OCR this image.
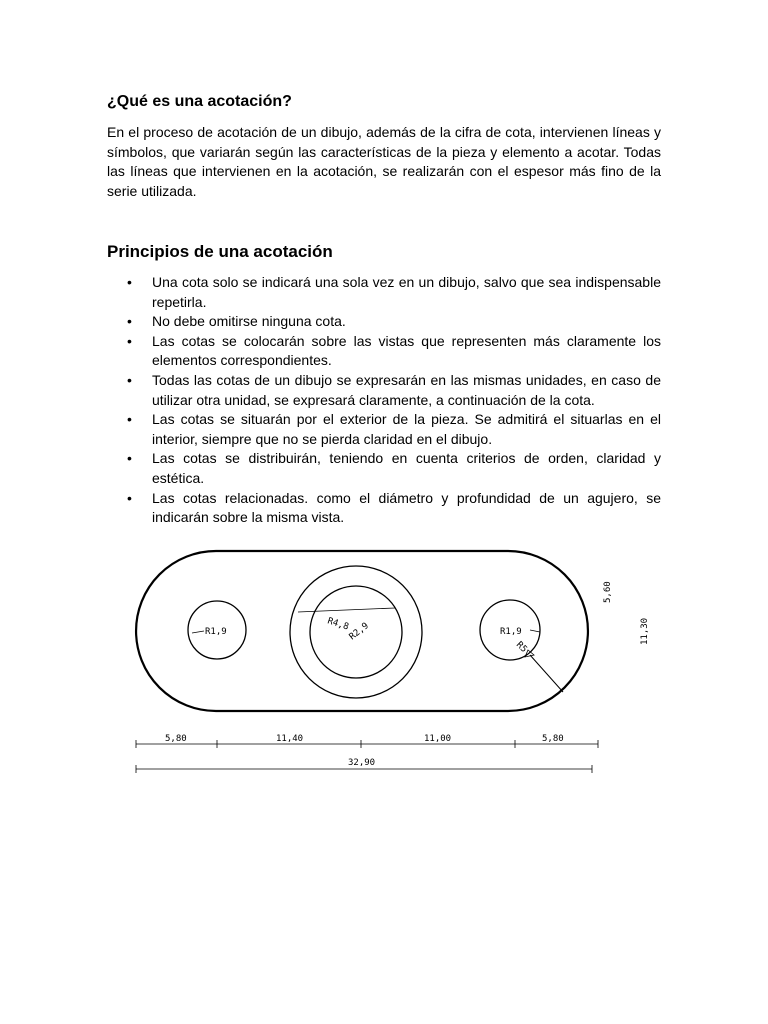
¿Qué es una acotación?

En el proceso de acotación de un dibujo, además de la cifra de cota, intervienen líneas y símbolos, que variarán según las características de la pieza y elemento a acotar. Todas las líneas que intervienen en la acotación, se realizarán con el espesor más fino de la serie utilizada.

Principios de una acotación
• Una cota solo se indicará una sola vez en un dibujo, salvo que sea indispensable repetirla.
• No debe omitirse ninguna cota.
• Las cotas se colocarán sobre las vistas que representen más claramente los elementos correspondientes.
• Todas las cotas de un dibujo se expresarán en las mismas unidades, en caso de utilizar otra unidad, se expresará claramente, a continuación de la cota.
• Las cotas se situarán por el exterior de la pieza. Se admitirá el situarlas en el interior, siempre que no se pierda claridad en el dibujo.
• Las cotas se distribuirán, teniendo en cuenta criterios de orden, claridad y estética.
• Las cotas relacionadas. como el diámetro y profundidad de un agujero, se indicarán sobre la misma vista.
R1,9	R4,8
R2,9	R1,9
R5
5,60
11,30
5,80	11,40	11,00	5,80
32,90
